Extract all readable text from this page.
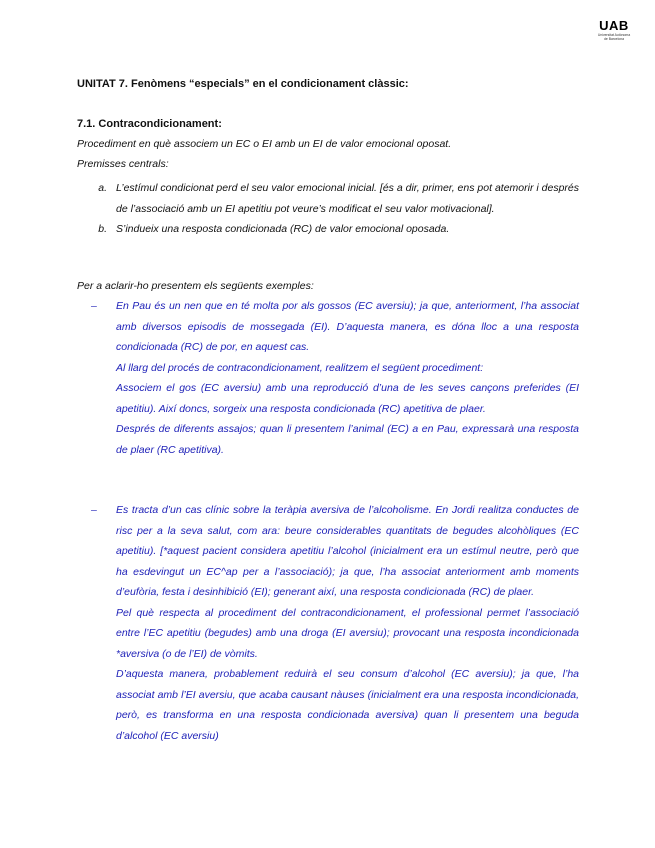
UAB
Universitat Autònoma
de Barcelona
UNITAT 7. Fenòmens “especials” en el condicionament clàssic:
7.1. Contracondicionament:
Procediment en què associem un EC o EI amb un EI de valor emocional oposat.
Premisses centrals:
a. L’estímul condicionat perd el seu valor emocional inicial. [és a dir, primer, ens pot atemorir i després de l’associació amb un EI apetitiu pot veure’s modificat el seu valor motivacional].
b. S’indueix una resposta condicionada (RC) de valor emocional oposada.
Per a aclarir-ho presentem els següents exemples:
–	En Pau és un nen que en té molta por als gossos (EC aversiu); ja que, anteriorment, l’ha associat amb diversos episodis de mossegada (EI). D’aquesta manera, es dóna lloc a una resposta condicionada (RC) de por, en aquest cas.

Al llarg del procés de contracondicionament, realitzem el següent procediment:

Associem el gos (EC aversiu) amb una reproducció d’una de les seves cançons preferides (EI apetitiu). Així doncs, sorgeix una resposta condicionada (RC) apetitiva de plaer.

Després de diferents assajos; quan li presentem l’animal (EC) a en Pau, expressarà una resposta de plaer (RC apetitiva).

–	Es tracta d’un cas clínic sobre la teràpia aversiva de l’alcoholisme. En Jordi realitza conductes de risc per a la seva salut, com ara: beure considerables quantitats de begudes alcohòliques (EC apetitiu). [*aquest pacient considera apetitiu l’alcohol (inicialment era un estímul neutre, però que ha esdevingut un EC^ap per a l’associació); ja que, l’ha associat anteriorment amb moments d’eufòria, festa i desinhibició (EI); generant així, una resposta condicionada (RC) de plaer.

Pel què respecta al procediment del contracondicionament, el professional permet l’associació entre l’EC apetitiu (begudes) amb una droga (EI aversiu); provocant una resposta incondicionada *aversiva (o de l’EI) de vòmits.

D’aquesta manera, probablement reduirà el seu consum d’alcohol (EC aversiu); ja que, l’ha associat amb l’EI aversiu, que acaba causant nàuses (inicialment era una resposta incondicionada, però, es transforma en una resposta condicionada aversiva) quan li presentem una beguda d’alcohol (EC aversiu)
